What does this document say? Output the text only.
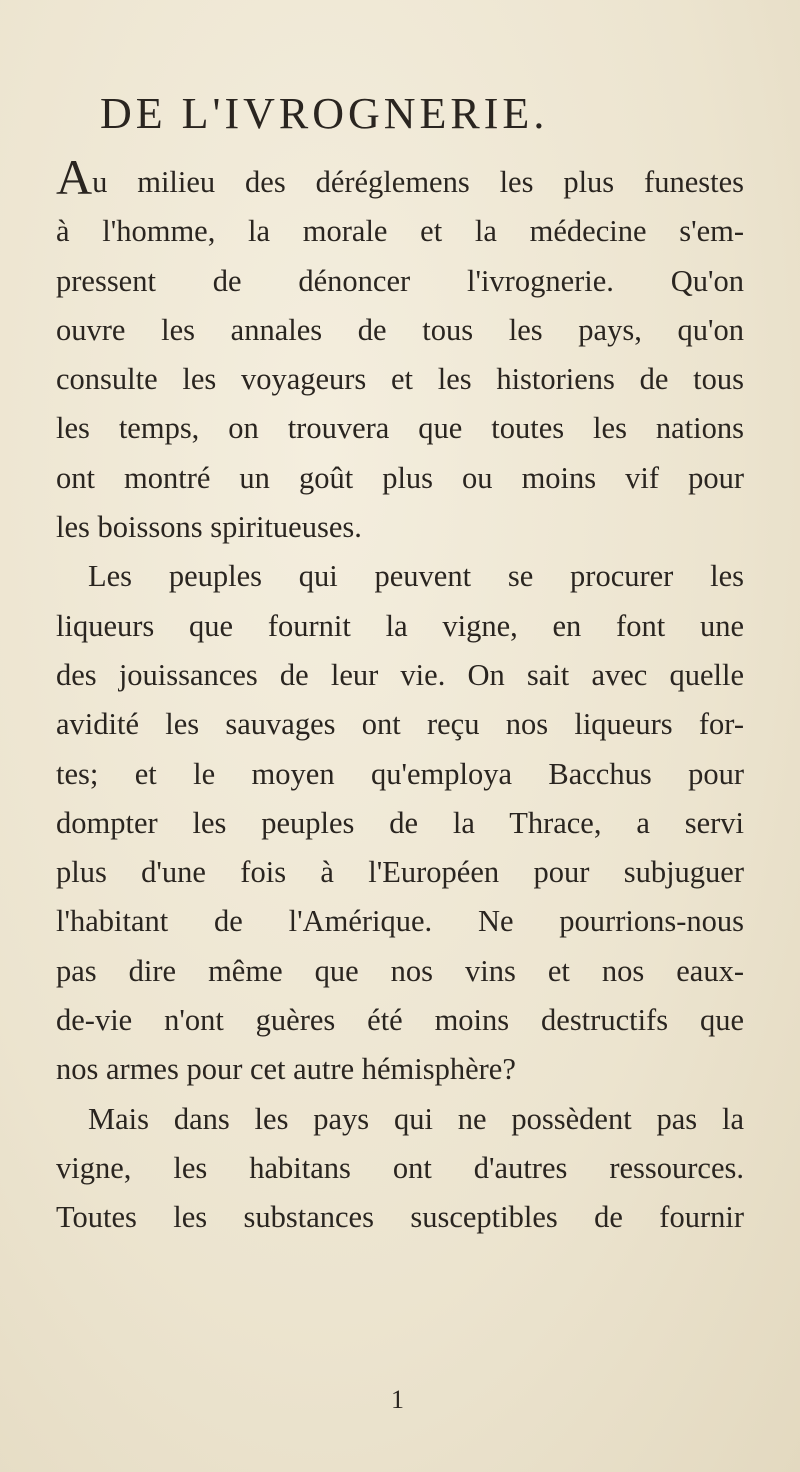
DE L'IVROGNERIE.
Au milieu des déréglemens les plus funestes
à l'homme, la morale et la médecine s'em-
pressent de dénoncer l'ivrognerie. Qu'on
ouvre les annales de tous les pays, qu'on
consulte les voyageurs et les historiens de tous
les temps, on trouvera que toutes les nations
ont montré un goût plus ou moins vif pour
les boissons spiritueuses.
Les peuples qui peuvent se procurer les
liqueurs que fournit la vigne, en font une
des jouissances de leur vie. On sait avec quelle
avidité les sauvages ont reçu nos liqueurs for-
tes; et le moyen qu'employa Bacchus pour
dompter les peuples de la Thrace, a servi
plus d'une fois à l'Européen pour subjuguer
l'habitant de l'Amérique. Ne pourrions-nous
pas dire même que nos vins et nos eaux-
de-vie n'ont guères été moins destructifs que
nos armes pour cet autre hémisphère?
Mais dans les pays qui ne possèdent pas la
vigne, les habitans ont d'autres ressources.
Toutes les substances susceptibles de fournir
1
